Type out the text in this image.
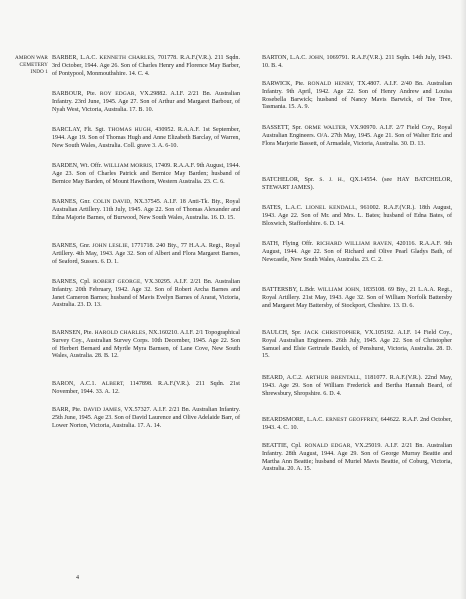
AMBON WAR
CEMETERY
INDO 1

BARBER, L.A.C. KENNETH CHARLES, 701778. R.A.F.(V.R.). 211 Sqdn. 3rd October, 1944. Age 26. Son of Charles Henry and Florence May Barber, of Pontypool, Monmouthshire. 14. C. 4.

BARBOUR, Pte. ROY EDGAR, VX.29882. A.I.F. 2/21 Bn. Australian Infantry. 23rd June, 1945. Age 27. Son of Arthur and Margaret Barbour, of Nyah West, Victoria, Australia. 17. B. 10.

BARCLAY, Flt. Sgt. THOMAS HUGH, 430952. R.A.A.F. 1st September, 1944. Age 19. Son of Thomas Hugh and Anne Elizabeth Barclay, of Warren, New South Wales, Australia. Coll. grave 3. A. 6-10.

BARDEN, Wt. Offr. WILLIAM MORRIS, 17409. R.A.A.F. 9th August, 1944. Age 23. Son of Charles Patrick and Bernice May Barden; husband of Bernice May Barden, of Mount Hawthorn, Western Australia. 23. C. 6.

BARNES, Gnr. COLIN DAVID, NX.37545. A.I.F. 18 Anti-Tk. Bty., Royal Australian Artillery. 11th July, 1945. Age 22. Son of Thomas Alexander and Edna Majorie Barnes, of Burwood, New South Wales, Australia. 16. D. 15.

BARNES, Gnr. JOHN LESLIE, 1771718. 240 Bty., 77 H.A.A. Regt., Royal Artillery. 4th May, 1943. Age 32. Son of Albert and Flora Margaret Barnes, of Seaford, Sussex. 6. D. 1.

BARNES, Cpl. ROBERT GEORGE, VX.30295. A.I.F. 2/21 Bn. Australian Infantry. 20th February, 1942. Age 32. Son of Robert Archa Barnes and Janet Cameron Barnes; husband of Mavis Evelyn Barnes of Ararat, Victoria, Australia. 23. D. 13.

BARNSEN, Pte. HAROLD CHARLES, NX.160210. A.I.F. 2/1 Topographical Survey Coy., Australian Survey Corps. 10th December, 1945. Age 22. Son of Herbert Bernard and Myrtle Myra Barnsen, of Lane Cove, New South Wales, Australia. 28. B. 12.

BARON, A.C.1. ALBERT, 1147898. R.A.F.(V.R.). 211 Sqdn. 21st November, 1944. 33. A. 12.

BARR, Pte. DAVID JAMES, VX.57327. A.I.F. 2/21 Bn. Australian Infantry. 25th June, 1945. Age 23. Son of David Laurence and Olive Adelaide Barr, of Lower Norton, Victoria, Australia. 17. A. 14.

BARTON, L.A.C. JOHN, 1069791. R.A.F.(V.R.). 211 Sqdn. 14th July, 1943. 10. B. 4.

BARWICK, Pte. RONALD HENRY, TX.4807. A.I.F. 2/40 Bn. Australian Infantry. 9th April, 1942. Age 22. Son of Henry Andrew and Louisa Rosebella Barwick; husband of Nancy Mavis Barwick, of Tee Tree, Tasmania. 15. A. 9.

BASSETT, Spr. ORME WALTER, VX.90970. A.I.F. 2/7 Field Coy., Royal Australian Engineers. O/A. 27th May, 1945. Age 21. Son of Walter Eric and Flora Marjorie Bassett, of Armadale, Victoria, Australia. 30. D. 13.

BATCHELOR, Spr. S. J. H., QX.14554. (see HAY BATCHELOR, STEWART JAMES).

BATES, L.A.C. LIONEL KENDALL, 961002. R.A.F.(V.R.). 18th August, 1943. Age 22. Son of Mr. and Mrs. L. Bates; husband of Edna Bates, of Bloxwich, Staffordshire. 6. D. 14.

BATH, Flying Offr. RICHARD WILLIAM RAVEN, 420116. R.A.A.F. 9th August, 1944. Age 22. Son of Richard and Olive Pearl Gladys Bath, of Newcastle, New South Wales, Australia. 23. C. 2.

BATTERSBY, L.Bdr. WILLIAM JOHN, 1835108. 69 Bty., 21 L.A.A. Regt., Royal Artillery. 21st May, 1943. Age 32. Son of William Norfolk Battersby and Margaret May Battersby, of Stockport, Cheshire. 13. D. 6.

BAULCH, Spr. JACK CHRISTOPHER, VX.105192. A.I.F. 14 Field Coy., Royal Australian Engineers. 26th July, 1945. Age 22. Son of Christopher Samuel and Elsie Gertrude Baulch, of Penshurst, Victoria, Australia. 28. D. 15.

BEARD, A.C.2. ARTHUR BRENTALL, 1181077. R.A.F.(V.R.). 22nd May, 1943. Age 29. Son of William Frederick and Bertha Hannah Beard, of Shrewsbury, Shropshire. 6. D. 4.

BEARDSMORE, L.A.C. ERNEST GEOFFREY, 644622. R.A.F. 2nd October, 1943. 4. C. 10.

BEATTIE, Cpl. RONALD EDGAR, VX.25019. A.I.F. 2/21 Bn. Australian Infantry. 28th August, 1944. Age 29. Son of George Murray Beattie and Martha Ann Beattie; husband of Muriel Mavis Beattie, of Coburg, Victoria, Australia. 20. A. 15.

4
